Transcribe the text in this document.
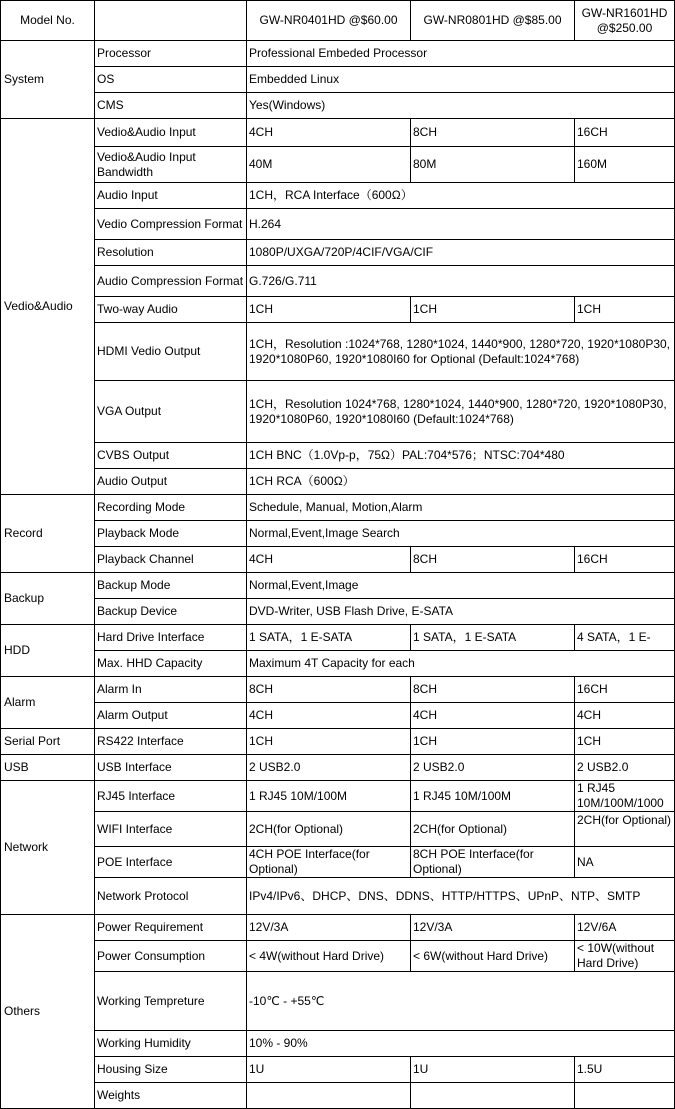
Model No.		GW-NR0401HD @$60.00	GW-NR0801HD @$85.00	GW-NR1601HD @$250.00
System	Processor	Professional Embeded Processor		
	OS	Embedded Linux		
	CMS	Yes(Windows)		
Vedio&Audio	Vedio&Audio Input	4CH	8CH	16CH
	Vedio&Audio Input Bandwidth	40M	80M	160M
	Audio Input	1CH，RCA Interface（600Ω）		
	Vedio Compression Format	H.264		
	Resolution	1080P/UXGA/720P/4CIF/VGA/CIF		
	Audio Compression Format	G.726/G.711		
	Two-way Audio	1CH	1CH	1CH
	HDMI Vedio Output	1CH，Resolution :1024*768, 1280*1024, 1440*900, 1280*720, 1920*1080P30, 1920*1080P60, 1920*1080I60 for Optional (Default:1024*768)		
	VGA Output	1CH，Resolution 1024*768, 1280*1024, 1440*900, 1280*720, 1920*1080P30, 1920*1080P60, 1920*1080I60 (Default:1024*768)		
	CVBS Output	1CH BNC（1.0Vp-p，75Ω）PAL:704*576；NTSC:704*480		
	Audio Output	1CH RCA（600Ω）		
Record	Recording Mode	Schedule, Manual, Motion,Alarm		
	Playback Mode	Normal,Event,Image Search		
	Playback Channel	4CH	8CH	16CH
Backup	Backup Mode	Normal,Event,Image		
	Backup Device	DVD-Writer, USB Flash Drive, E-SATA		
HDD	Hard Drive Interface	1 SATA，1 E-SATA	1 SATA，1 E-SATA	4 SATA，1 E-
	Max. HHD Capacity	Maximum 4T Capacity for each		
Alarm	Alarm In	8CH	8CH	16CH
	Alarm Output	4CH	4CH	4CH
Serial Port	RS422 Interface	1CH	1CH	1CH
USB	USB Interface	2 USB2.0	2 USB2.0	2 USB2.0
Network	RJ45 Interface	1 RJ45 10M/100M	1 RJ45 10M/100M	1 RJ45 10M/100M/1000
	WIFI Interface	2CH(for Optional)	2CH(for Optional)	2CH(for Optional)

	POE Interface	4CH POE Interface(for Optional)	8CH POE Interface(for Optional)	NA
	Network Protocol	IPv4/IPv6、DHCP、DNS、DDNS、HTTP/HTTPS、UPnP、NTP、SMTP		
Others	Power Requirement	12V/3A	12V/3A	12V/6A
	Power Consumption	< 4W(without Hard Drive)	< 6W(without Hard Drive)	< 10W(without Hard Drive)
	Working Tempreture	-10℃ - +55℃		
	Working Humidity	10% - 90%		
	Housing Size	1U	1U	1.5U
	Weights			
